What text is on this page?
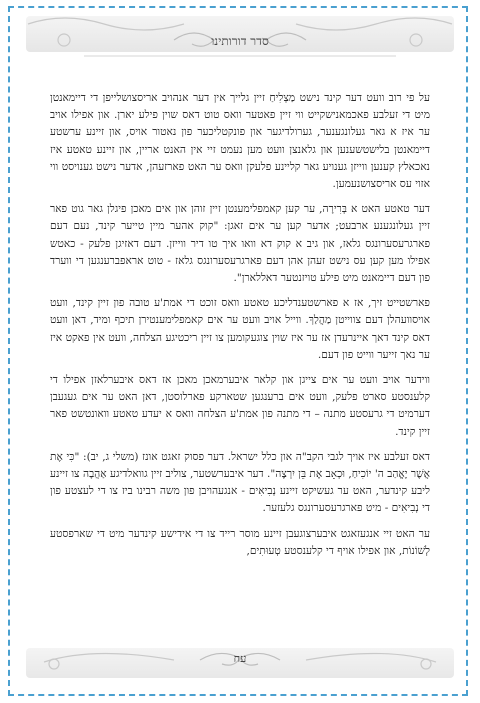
סדר דורותינו

על פי רוב וועט דער קינד נישט מַצְלִיחַ זיין גלייך אין דער אנהויב אריסצושלייפן די דיימאנטן מיט די זעלבע פאכמאנישקייט ווי זיין פאטער וואס טוט דאס שוין פילע יארן. און אפילו אויב ער איז א גאר געלונגענער, גערולדיגער און פונקטליכער פון נאטור אויס, און זיינע ערשטע דיימאנטן בלישטשענען און גלאנצן וועט מען נעמט זיי אין האנט אריין, און זיינע טאטע איז נאכאלץ קענען ווייזן גענויע גאר קליינע פלעקן וואס ער האט פארזעהן, אדער נישט גענויסט ווי אזוי עס אריסצושנעמען.

דער טאטע האט א בְּרִירָה, ער קען קאמפלימענטן זיין זוהן און אים מאכן פיגלן גאר גוט פאר זיין געלונגענע ארבעט; אדער קען ער אים זאגן: "קוק אהער מיין טייער קינד, נעם דעם פארגרעסערונגס גלאז, און גיב א קוק דא וואו איך טו דיר ווייזן. דעם דאזיגן פלעק - כאטש אפילו מען קען עס נישט זעהן אהן דעם פארגרעסערונגס גלאז - טוט אראפברענגען די ווערד פון דעם דיימאנט מיט פילע טויזנטער דאללארן".

פארשטייט זיך, אז א פארשטענדליכע טאטע וואס זוכט די אמת'ע טובה פון זיין קינד, וועט אויסוועהלן דעם צווייטן מַהֲלַךְ. ווייל אויב וועט ער אים קאמפלימענטירן תיכף ומיד, דאן וועט דאס קינד דאך איינרעדן אז ער איז שוין צוגעקומען צו זיין ריכטיגע הצלחה, וועט אין פאקט איז ער נאך זייער ווייט פון דעם.

ווידער אויב וועט ער אים צייגן און קלאר איבערמאכן מאכן אז דאס איבערלאזן אפילו די קלענסטע סארט פלעק, וועט אים ברענגען שטארקע פארלוסטן, דאן האט ער אים געגעבן דערמיט די גרעסטע מתנה – די מתנה פון אמת'ע הצלחה וואס א יעדע טאטע וואונטשט פאר זיין קינד.

דאס זעלבע איז אויך לגבי הקב"ה און כלל ישראל. דער פסוק זאגט אונז (משלי ג, יב): "כִּי אֶת אֲשֶׁר יֶאֱהַב ה' יוֹכִיחַ, וּכְאָב אֶת בֵּן יִרְצֶה". דער איבערשטער, צוליב זיין גוואלדיגע אַהֲבָה צו זיינע ליבע קינדער, האט ער געשיקט זיינע נְבִיאִים - אנגעהויבן פון משה רבינו ביז צו די לעצטע פון די נְבִיאִים - מיט פארגרעסערונגס גלעזער.

ער האט זיי אנגעזאגט איבערצוגעבן זיינע מוסר רייד צו די אידישע קינדער מיט די שארפסטע לְשׁוֹנוֹת, און אפילו אויף די קלענסטע טְעוּתִים,

עח
